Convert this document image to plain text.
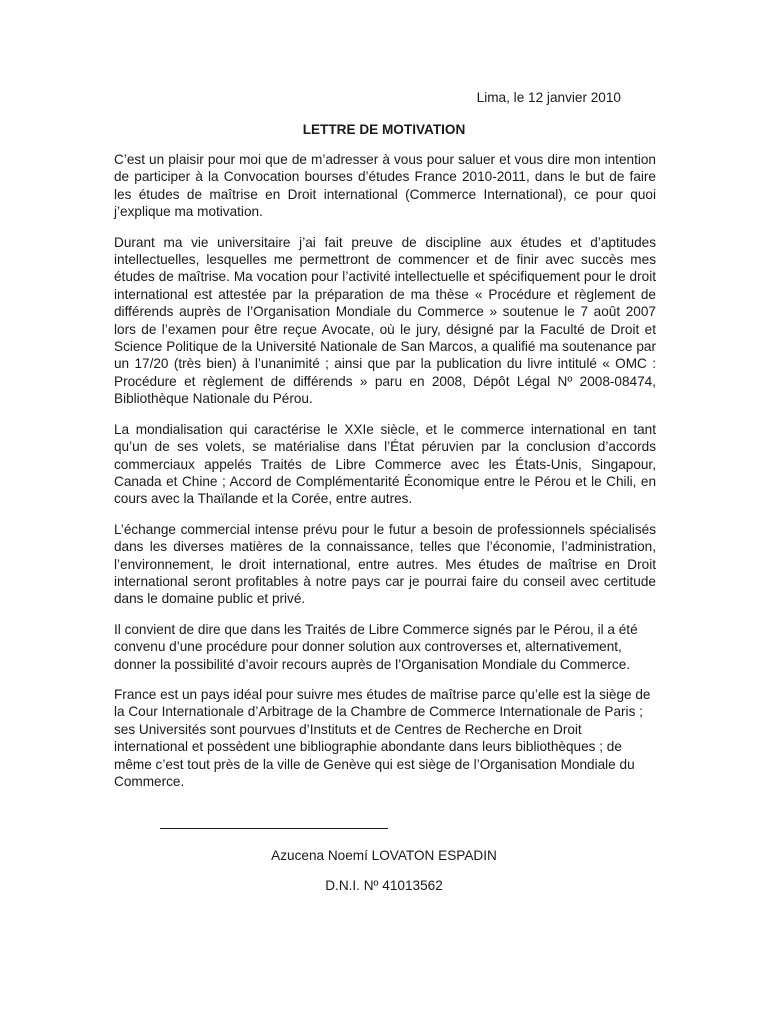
Lima, le 12 janvier 2010

LETTRE DE MOTIVATION

C’est un plaisir pour moi que de m’adresser à vous pour saluer et vous dire mon intention de participer à la Convocation bourses d’études France 2010-2011, dans le but de faire les études de maîtrise en Droit international (Commerce International), ce pour quoi j’explique ma motivation.

Durant ma vie universitaire j’ai fait preuve de discipline aux études et d’aptitudes intellectuelles, lesquelles me permettront de commencer et de finir avec succès mes études de maîtrise. Ma vocation pour l’activité intellectuelle et spécifiquement pour le droit international est attestée par la préparation de ma thèse « Procédure et règlement de différends auprès de l’Organisation Mondiale du Commerce » soutenue le 7 août 2007 lors de l’examen pour être reçue Avocate, où le jury, désigné par la Faculté de Droit et Science Politique de la Université Nationale de San Marcos, a qualifié ma soutenance par un 17/20 (très bien) à l’unanimité ; ainsi que par la publication du livre intitulé « OMC : Procédure et règlement de différends » paru en 2008, Dépôt Légal Nº 2008-08474, Bibliothèque Nationale du Pérou.

La mondialisation qui caractérise le XXIe siècle, et le commerce international en tant qu’un de ses volets, se matérialise dans l’État péruvien par la conclusion d’accords commerciaux appelés Traités de Libre Commerce avec les États-Unis, Singapour, Canada et Chine ; Accord de Complémentarité Économique entre le Pérou et le Chili, en cours avec la Thaïlande et la Corée, entre autres.

L’échange commercial intense prévu pour le futur a besoin de professionnels spécialisés dans les diverses matières de la connaissance, telles que l’économie, l’administration, l’environnement, le droit international, entre autres. Mes études de maîtrise en Droit international seront profitables à notre pays car je pourrai faire du conseil avec certitude dans le domaine public et privé.

Il convient de dire que dans les Traités de Libre Commerce signés par le Pérou, il a été convenu d’une procédure pour donner solution aux controverses et, alternativement, donner la possibilité d’avoir recours auprès de l’Organisation Mondiale du Commerce.

France est un pays idéal pour suivre mes études de maîtrise parce qu’elle est la siège de la Cour Internationale d’Arbitrage de la Chambre de Commerce Internationale de Paris ; ses Universités sont pourvues d’Instituts et de Centres de Recherche en Droit international et possèdent une bibliographie abondante dans leurs bibliothèques ; de même c’est tout près de la ville de Genève qui est siège de l’Organisation Mondiale du Commerce.

Azucena Noemí LOVATON ESPADIN

D.N.I. Nº 41013562
